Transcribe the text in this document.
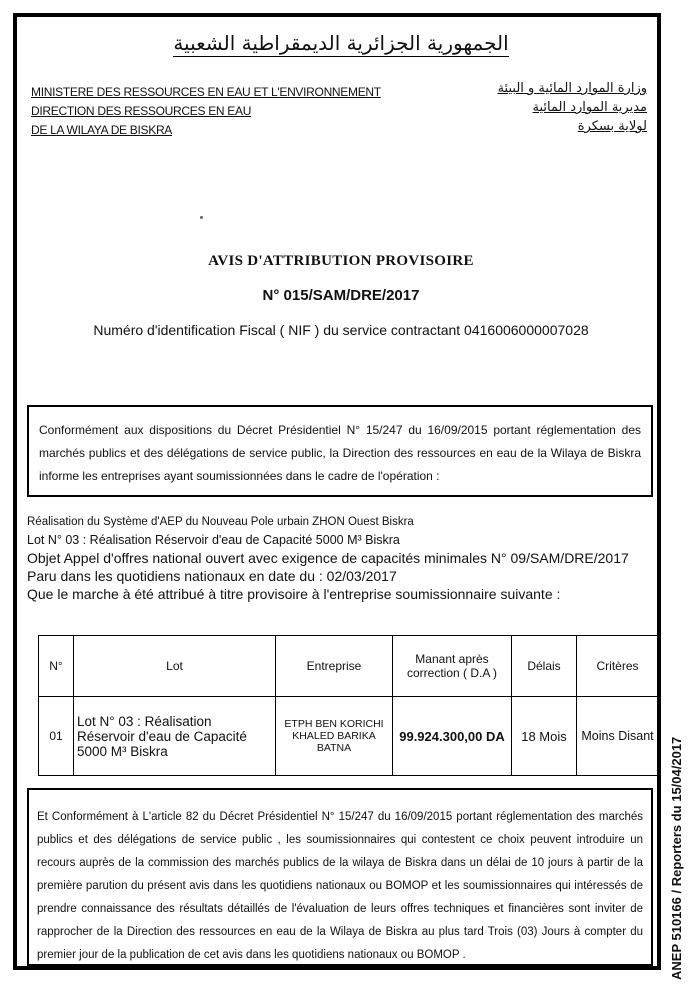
الجمهورية الجزائرية الديمقراطية الشعبية
MINISTERE DES RESSOURCES EN EAU ET L'ENVIRONNEMENT
DIRECTION DES RESSOURCES EN EAU
DE LA WILAYA DE BISKRA
وزارة الموارد المائية و البيئة
مديرية الموارد المائية
لولاية بسكرة
AVIS D'ATTRIBUTION PROVISOIRE
N° 015/SAM/DRE/2017
Numéro d'identification Fiscal ( NIF ) du service contractant 0416006000007028
Conformément aux dispositions du Décret Présidentiel N° 15/247 du 16/09/2015 portant réglementation des marchés publics et des délégations de service public, la Direction des ressources en eau de la Wilaya de Biskra informe les entreprises ayant soumissionnées dans le cadre de l'opération :
Réalisation du Système d'AEP du Nouveau Pole urbain ZHON Ouest Biskra
Lot N° 03 : Réalisation Réservoir d'eau de Capacité 5000 M³ Biskra
Objet Appel d'offres national ouvert avec exigence de capacités minimales N° 09/SAM/DRE/2017
Paru dans les quotidiens nationaux en date du : 02/03/2017
Que le marche à été attribué à titre provisoire à l'entreprise soumissionnaire suivante :
N°	Lot	Entreprise	Manant après correction ( D.A )	Délais	Critères
01	Lot N° 03 : Réalisation Réservoir d'eau de Capacité 5000 M³ Biskra	ETPH BEN KORICHI KHALED BARIKA BATNA	99.924.300,00 DA	18 Mois	Moins Disant
Et Conformément à L'article 82 du Décret Présidentiel N° 15/247 du 16/09/2015 portant réglementation des marchés publics et des délégations de service public , les soumissionnaires qui contestent ce choix peuvent introduire un recours auprès de la commission des marchés publics de la wilaya de Biskra dans un délai de 10 jours à partir de la première parution du présent avis dans les quotidiens nationaux ou BOMOP et les soumissionnaires qui intéressés de prendre connaissance des résultats détaillés de l'évaluation de leurs offres techniques et financières sont inviter de rapprocher de la Direction des ressources en eau de la Wilaya de Biskra au plus tard Trois (03) Jours à compter du premier jour de la publication de cet avis dans les quotidiens nationaux ou BOMOP .	ANEP 510166 / Reporters du 15/04/2017
